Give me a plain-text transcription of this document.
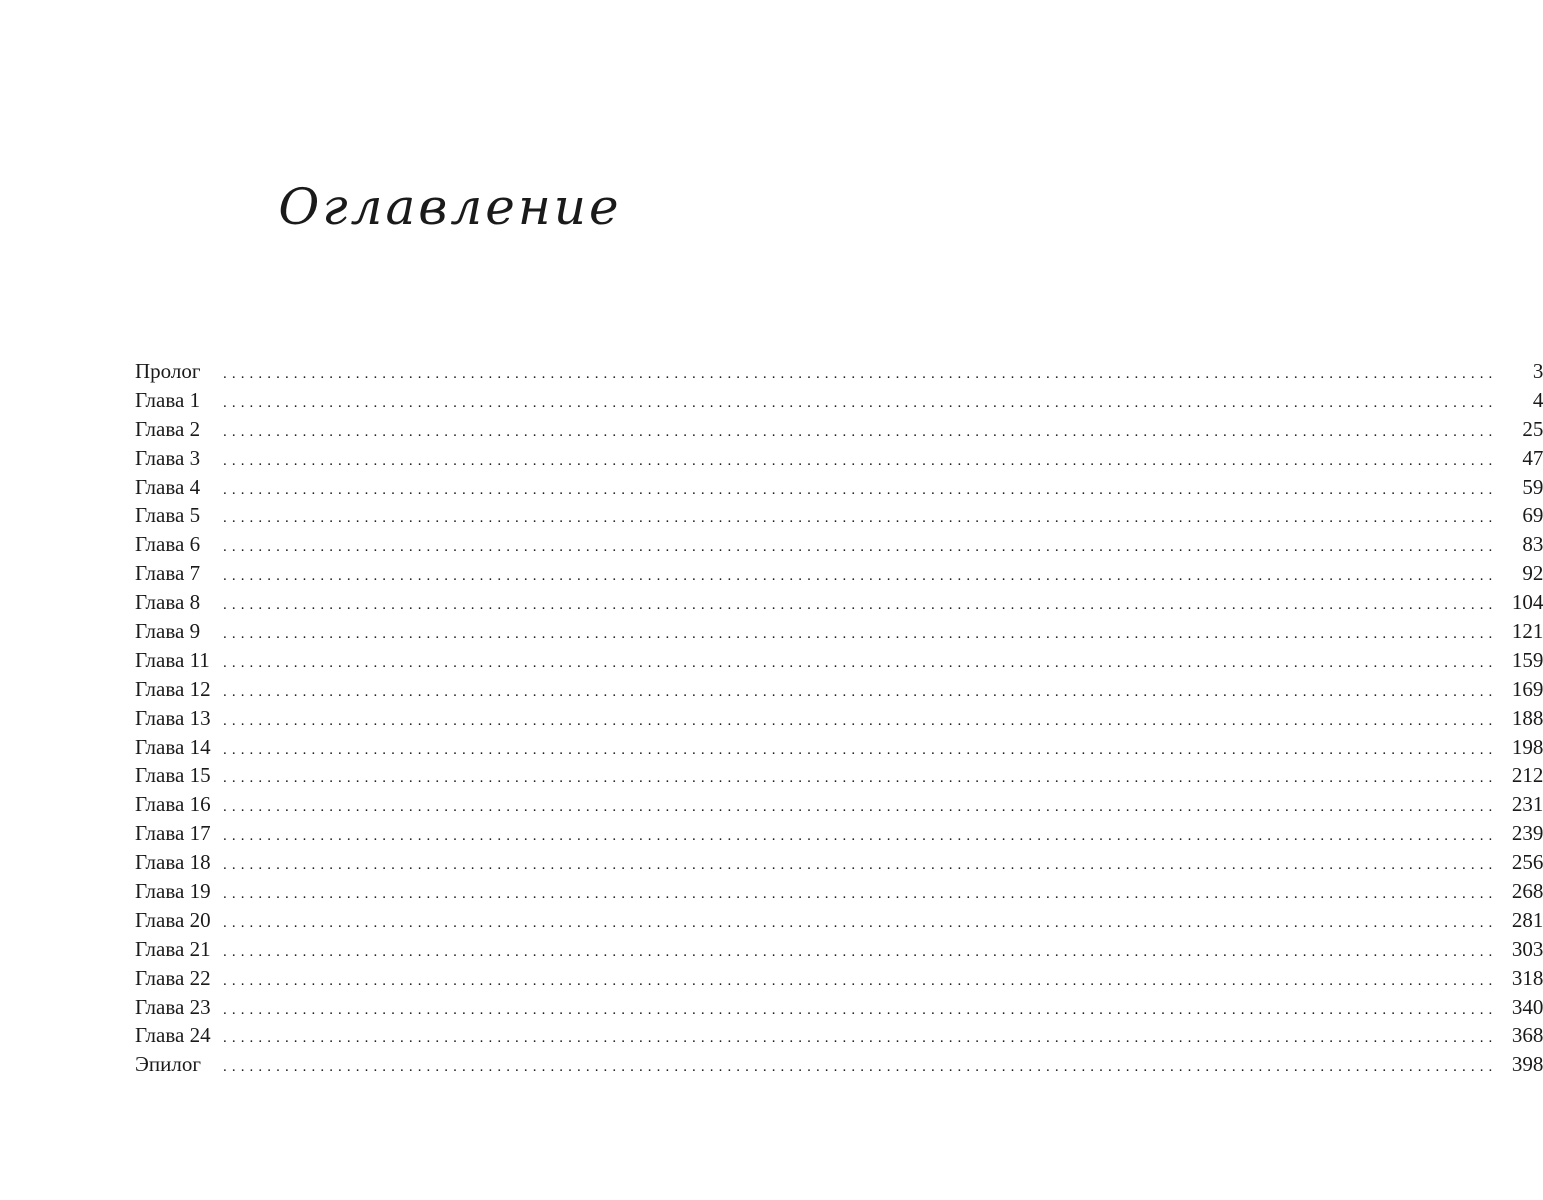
Оглавление
Пролог	................................................................................................................................................	3
Глава 1	................................................................................................................................................	4
Глава 2	................................................................................................................................................	25
Глава 3	................................................................................................................................................	47
Глава 4	................................................................................................................................................	59
Глава 5	................................................................................................................................................	69
Глава 6	................................................................................................................................................	83
Глава 7	................................................................................................................................................	92
Глава 8	................................................................................................................................................ 104
Глава 9	................................................................................................................................................ 121
Глава 11 ................................................................................................................................................ 159
Глава 12 ................................................................................................................................................ 169
Глава 13 ................................................................................................................................................ 188
Глава 14 ................................................................................................................................................ 198
Глава 15 ................................................................................................................................................ 212
Глава 16 ................................................................................................................................................ 231
Глава 17 ................................................................................................................................................ 239
Глава 18 ................................................................................................................................................ 256
Глава 19 ................................................................................................................................................ 268
Глава 20 ................................................................................................................................................ 281
Глава 21 ................................................................................................................................................ 303
Глава 22 ................................................................................................................................................ 318
Глава 23 ................................................................................................................................................ 340
Глава 24 ................................................................................................................................................ 368
Эпилог	................................................................................................................................................ 398
